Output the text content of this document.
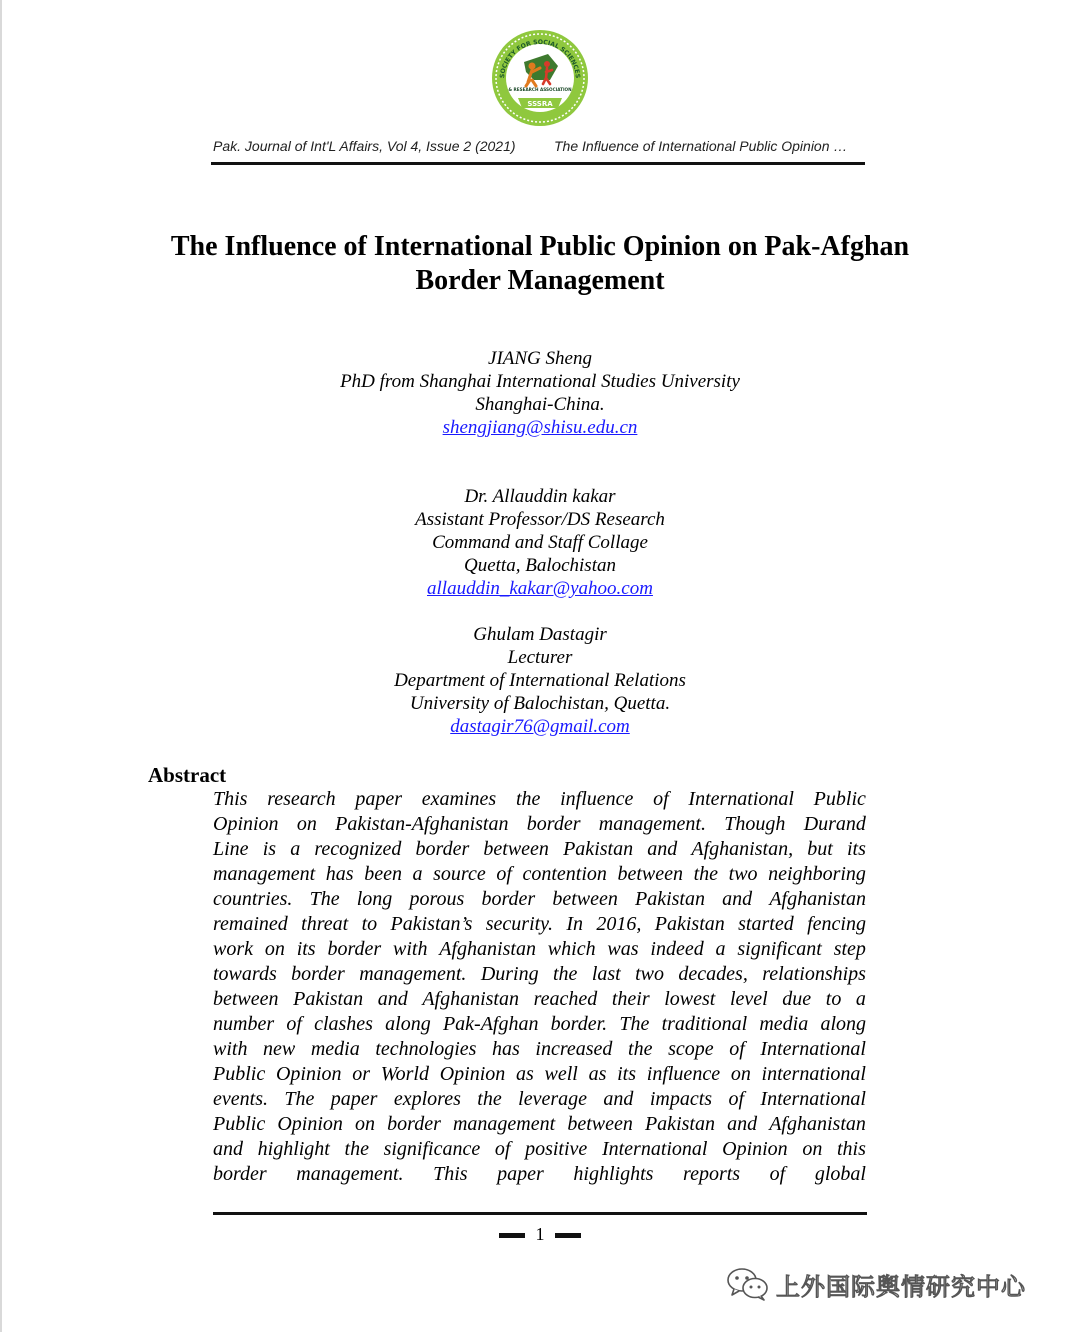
SOCIETY FOR SOCIAL SCIENCES
& RESEARCH ASSOCIATION
SSSRA
Pak. Journal of Int'L Affairs, Vol 4, Issue 2 (2021)	The Influence of International Public Opinion …
The Influence of International Public Opinion on Pak-Afghan
Border Management
JIANG Sheng
PhD from Shanghai International Studies University
Shanghai-China.
shengjiang@shisu.edu.cn
Dr. Allauddin kakar
Assistant Professor/DS Research
Command and Staff Collage
Quetta, Balochistan
allauddin_kakar@yahoo.com
Ghulam Dastagir
Lecturer
Department of International Relations
University of Balochistan, Quetta.
dastagir76@gmail.com
Abstract
This research paper examines the influence of International Public
Opinion on Pakistan-Afghanistan border management. Though Durand
Line is a recognized border between Pakistan and Afghanistan, but its
management has been a source of contention between the two neighboring
countries. The long porous border between Pakistan and Afghanistan
remained threat to Pakistan’s security. In 2016, Pakistan started fencing
work on its border with Afghanistan which was indeed a significant step
towards border management. During the last two decades, relationships
between Pakistan and Afghanistan reached their lowest level due to a
number of clashes along Pak-Afghan border. The traditional media along
with new media technologies has increased the scope of International
Public Opinion or World Opinion as well as its influence on international
events. The paper explores the leverage and impacts of International
Public Opinion on border management between Pakistan and Afghanistan
and highlight the significance of positive International Opinion on this
border management. This paper highlights reports of global
1
上外国际舆情研究中心
